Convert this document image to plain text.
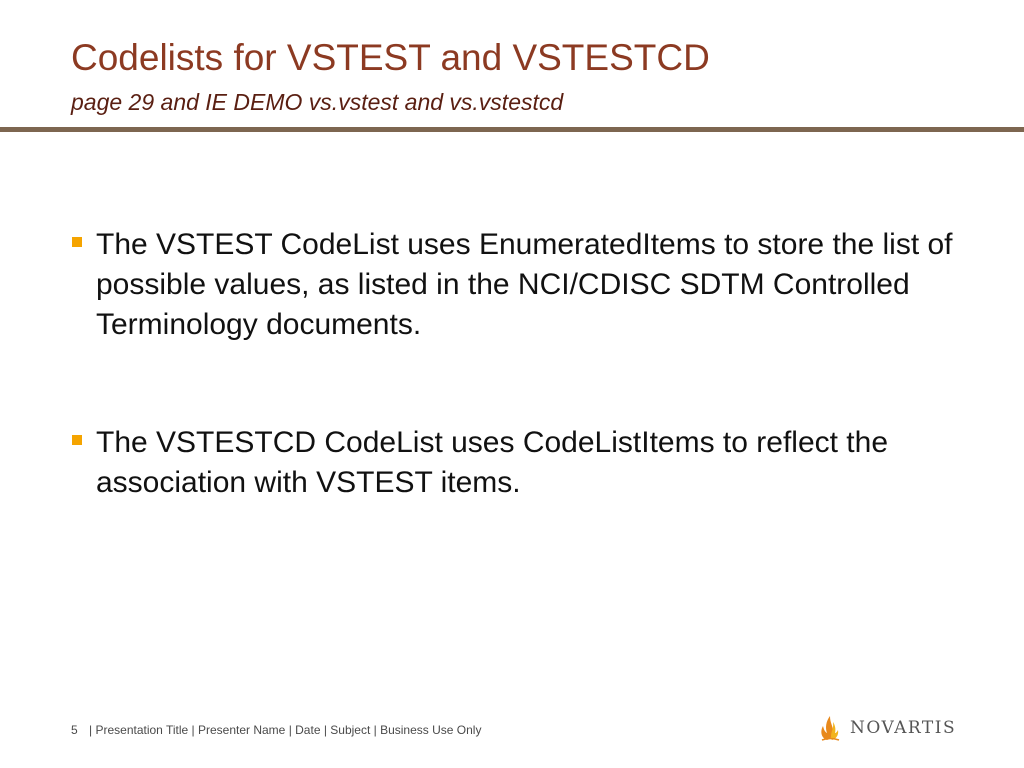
Codelists for VSTEST and VSTESTCD
page 29 and IE DEMO vs.vstest and vs.vstestcd
The VSTEST CodeList uses EnumeratedItems to store the list of possible values, as listed in the NCI/CDISC SDTM Controlled Terminology documents.
The VSTESTCD CodeList uses CodeListItems to reflect the association with VSTEST items.
5 | Presentation Title | Presenter Name | Date | Subject | Business Use Only	NOVARTIS
